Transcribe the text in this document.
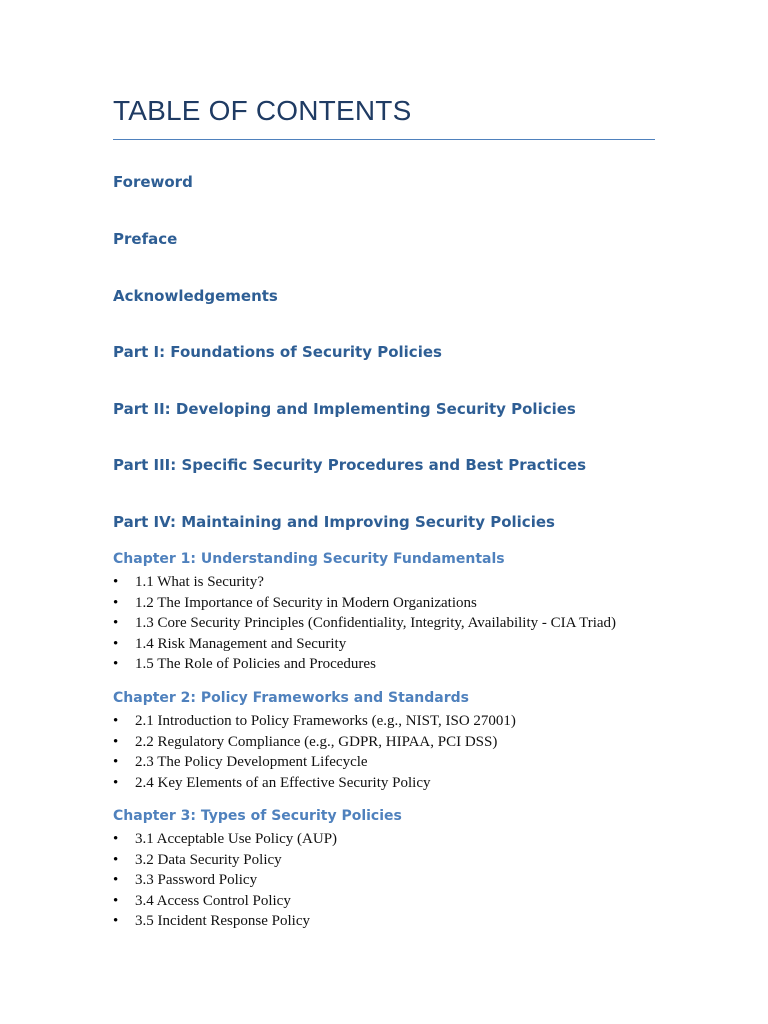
TABLE OF CONTENTS
Foreword
Preface
Acknowledgements
Part I: Foundations of Security Policies
Part II: Developing and Implementing Security Policies
Part III: Specific Security Procedures and Best Practices
Part IV: Maintaining and Improving Security Policies
Chapter 1: Understanding Security Fundamentals
• 1.1 What is Security?
• 1.2 The Importance of Security in Modern Organizations
• 1.3 Core Security Principles (Confidentiality, Integrity, Availability - CIA Triad)
• 1.4 Risk Management and Security
• 1.5 The Role of Policies and Procedures
Chapter 2: Policy Frameworks and Standards
• 2.1 Introduction to Policy Frameworks (e.g., NIST, ISO 27001)
• 2.2 Regulatory Compliance (e.g., GDPR, HIPAA, PCI DSS)
• 2.3 The Policy Development Lifecycle
• 2.4 Key Elements of an Effective Security Policy
Chapter 3: Types of Security Policies
• 3.1 Acceptable Use Policy (AUP)
• 3.2 Data Security Policy
• 3.3 Password Policy
• 3.4 Access Control Policy
• 3.5 Incident Response Policy
